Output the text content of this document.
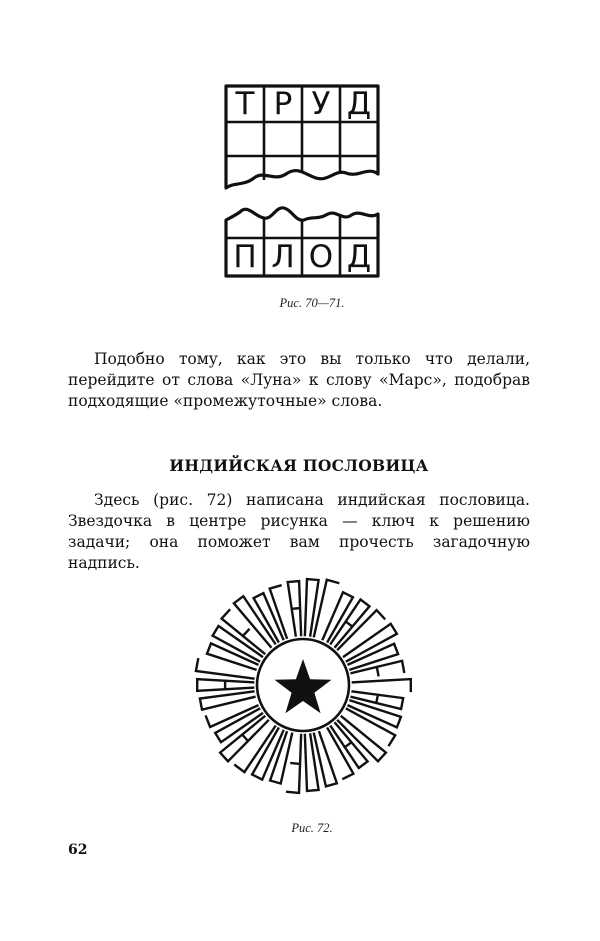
Т Р У Д
П Л О Д
Рис. 70—71.

Подобно тому, как это вы только что делали, перейдите от слова «Луна» к слову «Марс», подобрав подходящие «промежуточные» слова.

ИНДИЙСКАЯ ПОСЛОВИЦА

Здесь (рис. 72) написана индийская пословица. Звездочка в центре рисунка — ключ к решению задачи; она поможет вам прочесть загадочную надпись.

Рис. 72.
62
